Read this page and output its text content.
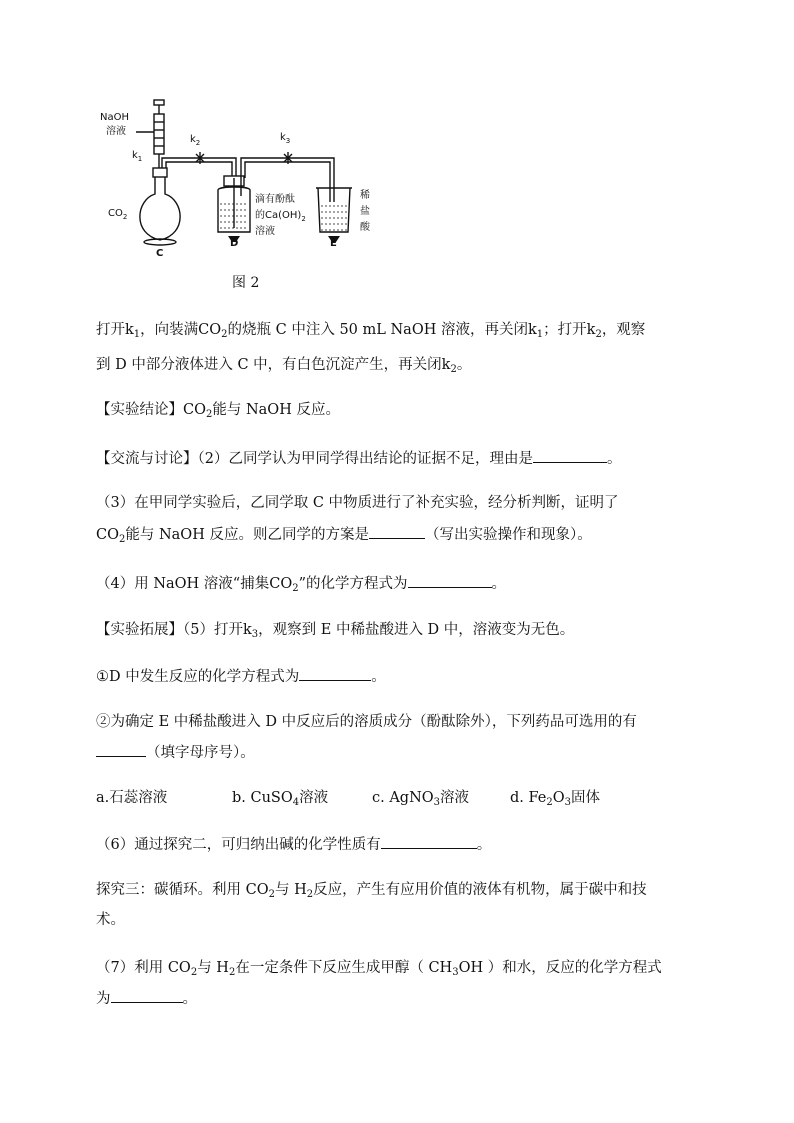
NaOH
溶液
$k_1$
$k_2$	$k_3$
$CO_2$
C
D	E
滴有酚酞
的$Ca(OH)_2$
溶液
稀
盐
酸
图 2
打开$k_1$，向装满$CO_2$的烧瓶 C 中注入 50 mL NaOH 溶液，再关闭$k_1$；打开$k_2$，观察
到 D 中部分液体进入 C 中，有白色沉淀产生，再关闭$k_2$。
【实验结论】$CO_2$能与 NaOH 反应。
【交流与讨论】（2）乙同学认为甲同学得出结论的证据不足，理由是	。
（3）在甲同学实验后，乙同学取 C 中物质进行了补充实验，经分析判断，证明了
$CO_2$能与 NaOH 反应。则乙同学的方案是	（写出实验操作和现象）。
（4）用 NaOH 溶液“捕集$CO_2$”的化学方程式为	。
【实验拓展】（5）打开$k_3$，观察到 E 中稀盐酸进入 D 中，溶液变为无色。
①D 中发生反应的化学方程式为	。
②为确定 E 中稀盐酸进入 D 中反应后的溶质成分（酚酞除外），下列药品可选用的有
（填字母序号）。
a.石蕊溶液	b. CuSO$_4$溶液	c. AgNO$_3$溶液	d. $Fe_2O_3$固体
（6）通过探究二，可归纳出碱的化学性质有	。
探究三：碳循环。利用 $CO_2$与 $H_2$反应，产生有应用价值的液体有机物，属于碳中和技
术。
（7）利用 $CO_2$与 $H_2$在一定条件下反应生成甲醇（ $CH_3OH$ ）和水，反应的化学方程式
为	。
